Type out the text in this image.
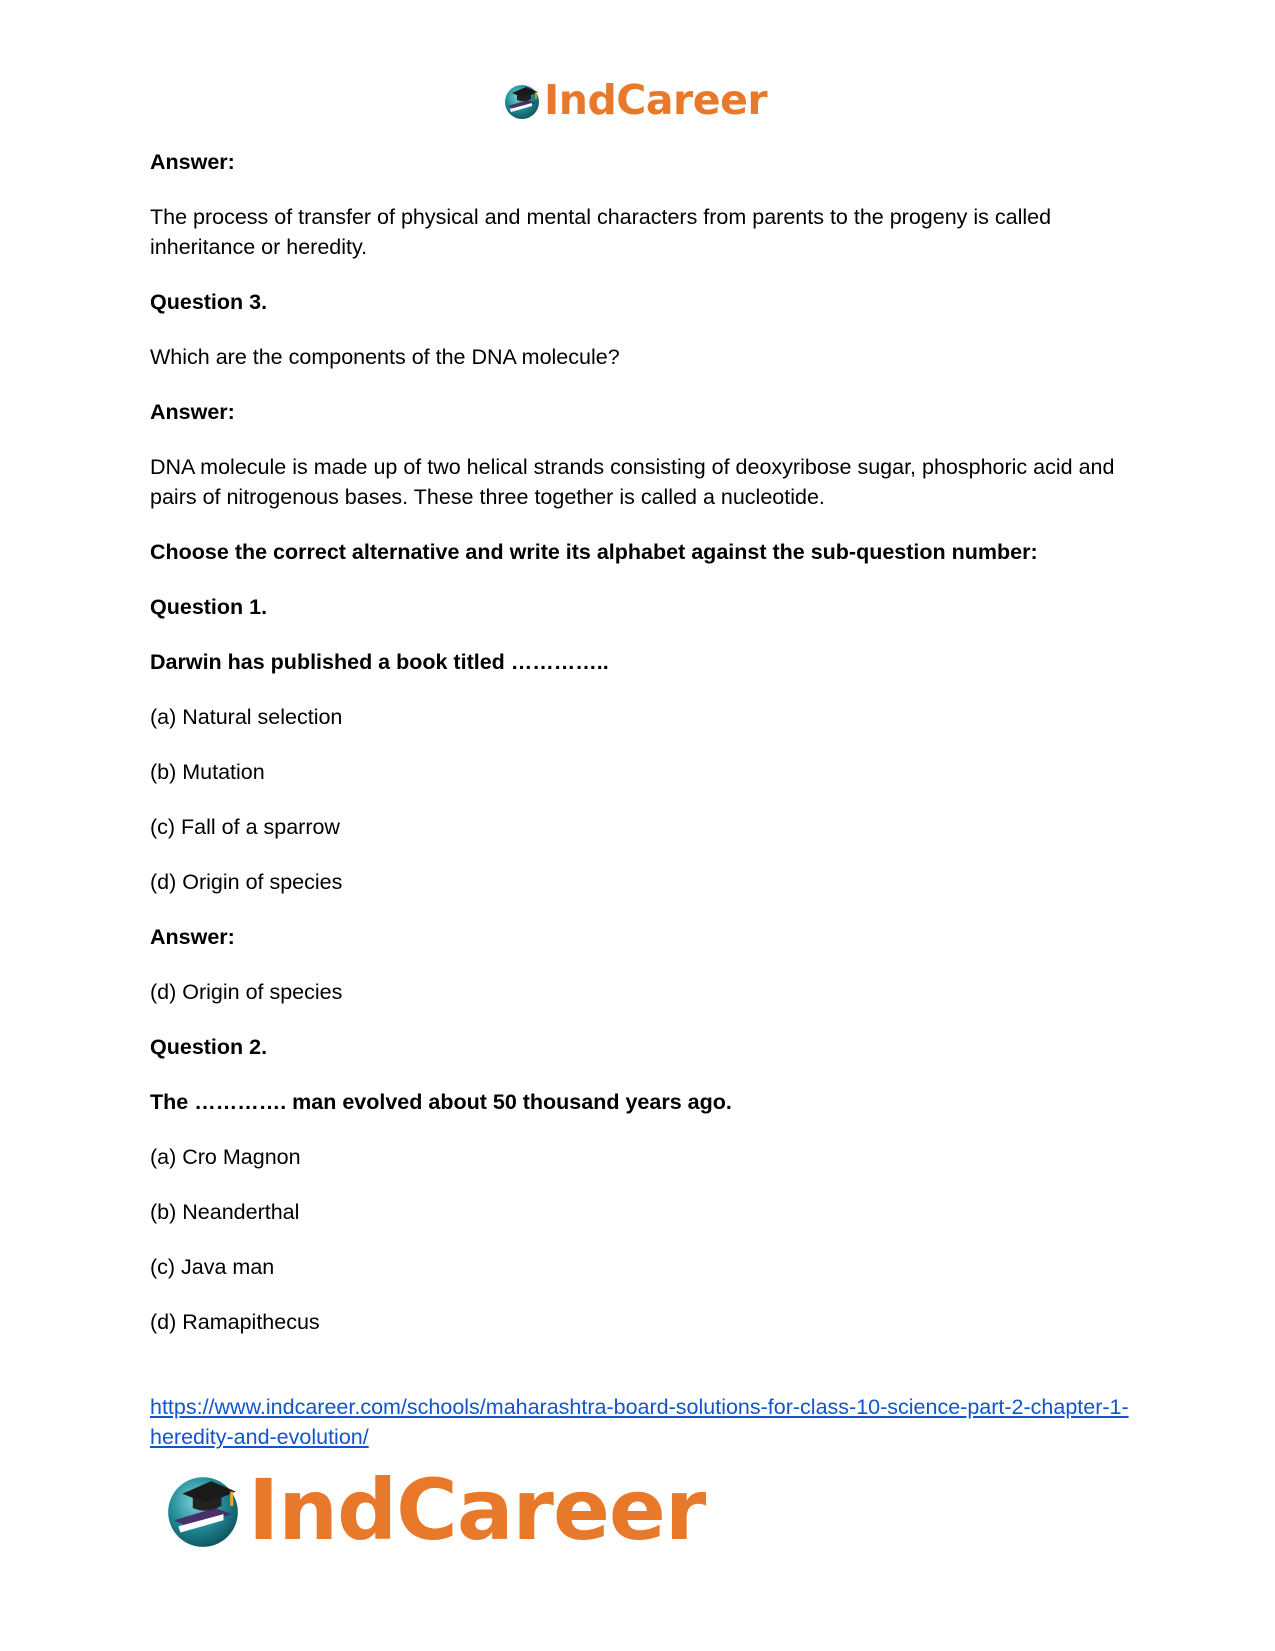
IndCareer

Answer:

The process of transfer of physical and mental characters from parents to the progeny is called inheritance or heredity.

Question 3.

Which are the components of the DNA molecule?

Answer:

DNA molecule is made up of two helical strands consisting of deoxyribose sugar, phosphoric acid and pairs of nitrogenous bases. These three together is called a nucleotide.

Choose the correct alternative and write its alphabet against the sub-question number:

Question 1.

Darwin has published a book titled …………..

(a) Natural selection

(b) Mutation

(c) Fall of a sparrow

(d) Origin of species

Answer:

(d) Origin of species

Question 2.

The …………. man evolved about 50 thousand years ago.

(a) Cro Magnon

(b) Neanderthal

(c) Java man

(d) Ramapithecus

https://www.indcareer.com/schools/maharashtra-board-solutions-for-class-10-science-part-2-chapter-1-heredity-and-evolution/
IndCareer
